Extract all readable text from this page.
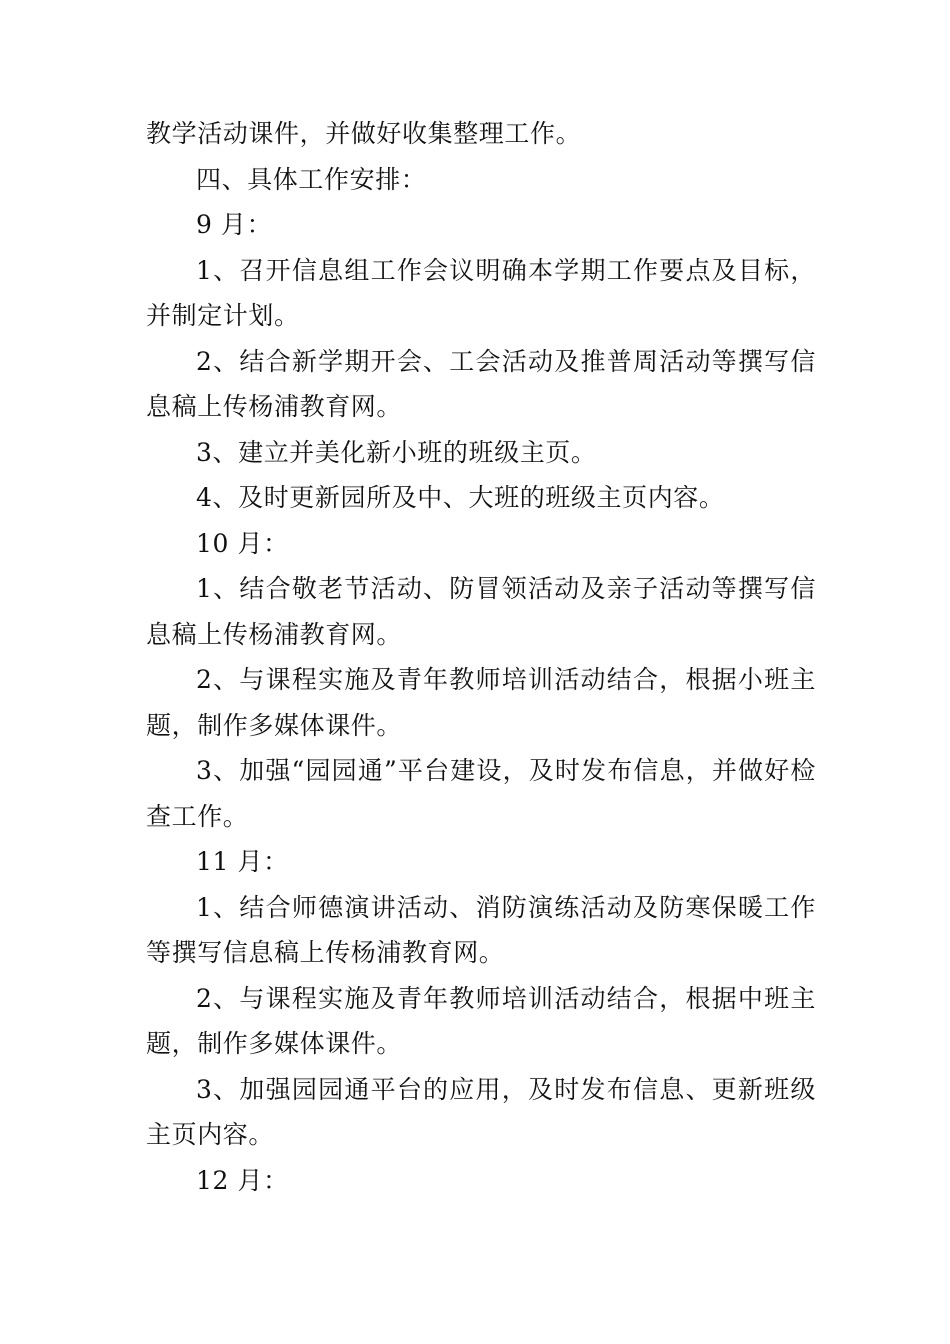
教学活动课件，并做好收集整理工作。

四、具体工作安排：

9 月：

1、召开信息组工作会议明确本学期工作要点及目标，并制定计划。

2、结合新学期开会、工会活动及推普周活动等撰写信息稿上传杨浦教育网。

3、建立并美化新小班的班级主页。

4、及时更新园所及中、大班的班级主页内容。

10 月：

1、结合敬老节活动、防冒领活动及亲子活动等撰写信息稿上传杨浦教育网。

2、与课程实施及青年教师培训活动结合，根据小班主题，制作多媒体课件。

3、加强“园园通”平台建设，及时发布信息，并做好检查工作。

11 月：

1、结合师德演讲活动、消防演练活动及防寒保暖工作等撰写信息稿上传杨浦教育网。

2、与课程实施及青年教师培训活动结合，根据中班主题，制作多媒体课件。

3、加强园园通平台的应用，及时发布信息、更新班级主页内容。

12 月：
